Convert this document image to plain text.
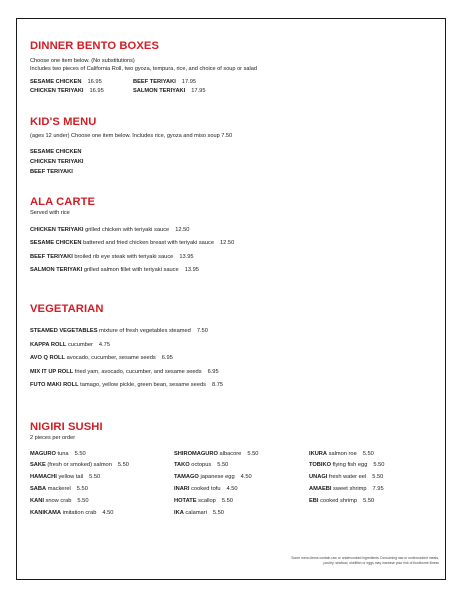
DINNER BENTO BOXES

Choose one item below. (No substitutions)

Includes two pieces of California Roll, two gyoza, tempura, rice, and choice of soup or salad

SESAME CHICKEN 16.95	BEEF TERIYAKI 17.95
CHICKEN TERIYAKI 16.95	SALMON TERIYAKI 17.95
KID'S MENU

(ages 12 under) Choose one item below. Includes rice, gyoza and miso soup 7.50

SESAME CHICKEN
CHICKEN TERIYAKI
BEEF TERIYAKI
ALA CARTE

Served with rice

CHICKEN TERIYAKI grilled chicken with teriyaki sauce 12.50
SESAME CHICKEN battered and fried chicken breast with teriyaki sauce 12.50
BEEF TERIYAKI broiled rib eye steak with teriyaki sauce 13.95
SALMON TERIYAKI grilled salmon fillet with teriyaki sauce 13.95
VEGETARIAN
STEAMED VEGETABLES mixture of fresh vegetables steamed 7.50
KAPPA ROLL cucumber 4.75
AVO Q ROLL avocado, cucumber, sesame seeds 6.95
MIX IT UP ROLL fried yam, avocado, cucumber, and sesame seeds 6.95
FUTO MAKI ROLL tamago, yellow pickle, green bean, sesame seeds 8.75
NIGIRI SUSHI

2 pieces per order

MAGURO tuna 5.50
SAKE (fresh or smoked) salmon 5.50
HAMACHI yellow tail 5.50
SABA mackerel 5.50
KANI snow crab 5.50
KANIKAMA imitation crab 4.50
SHIROMAGURO albacore 5.50
TAKO octopus 5.50
TAMAGO japanese egg 4.50
INARI cooked tofu 4.50
HOTATE scallop 5.50
IKA calamari 5.50
IKURA salmon roe 5.50
TOBIKO flying fish egg 5.50
UNAGI fresh water eel 5.50
AMAEBI sweet shrimp 7.95
EBI cooked shrimp 5.50
Some menu items contain raw or undercooked ingredients Consuming raw or undercooked meats,
poultry, seafood, shellfish or eggs may increase your risk of foodborne illness
